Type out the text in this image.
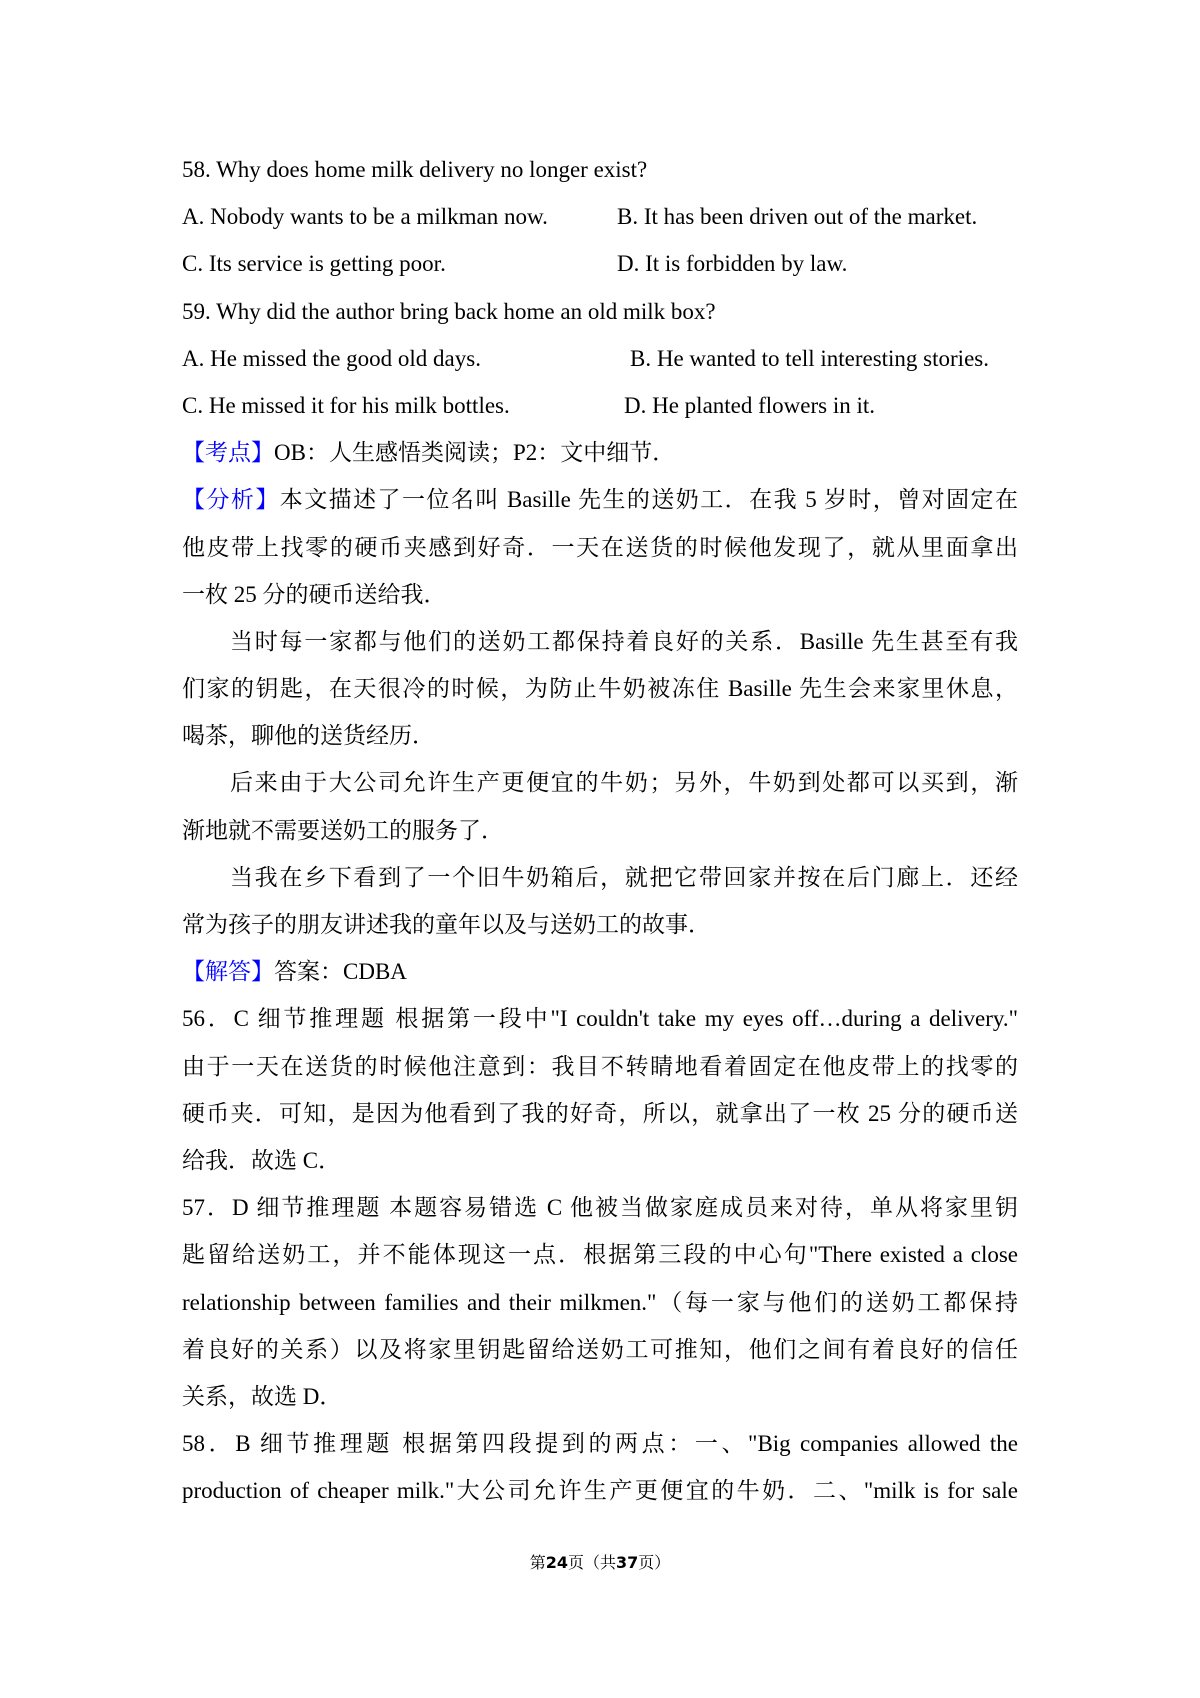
58. Why does home milk delivery no longer exist?
A. Nobody wants to be a milkman now.	B. It has been driven out of the market.
C. Its service is getting poor.	D. It is forbidden by law.
59. Why did the author bring back home an old milk box?
A. He missed the good old days.	B. He wanted to tell interesting stories.
C. He missed it for his milk bottles.	D. He planted flowers in it.
【考点】OB：人生感悟类阅读；P2：文中细节．
【分析】本文描述了一位名叫 Basille 先生的送奶工．在我 5 岁时，曾对固定在
他皮带上找零的硬币夹感到好奇．一天在送货的时候他发现了，就从里面拿出
一枚 25 分的硬币送给我．
当时每一家都与他们的送奶工都保持着良好的关系．Basille 先生甚至有我
们家的钥匙，在天很冷的时候，为防止牛奶被冻住 Basille 先生会来家里休息，
喝茶，聊他的送货经历．
后来由于大公司允许生产更便宜的牛奶；另外，牛奶到处都可以买到，渐
渐地就不需要送奶工的服务了．
当我在乡下看到了一个旧牛奶箱后，就把它带回家并按在后门廊上．还经
常为孩子的朋友讲述我的童年以及与送奶工的故事．
【解答】答案：CDBA
56．C 细节推理题 根据第一段中"I couldn't take my eyes off…during a delivery."
由于一天在送货的时候他注意到：我目不转睛地看着固定在他皮带上的找零的
硬币夹．可知，是因为他看到了我的好奇，所以，就拿出了一枚 25 分的硬币送
给我．故选 C．
57．D 细节推理题 本题容易错选 C 他被当做家庭成员来对待，单从将家里钥
匙留给送奶工，并不能体现这一点．根据第三段的中心句"There existed a close
relationship between families and their milkmen."（每一家与他们的送奶工都保持
着良好的关系）以及将家里钥匙留给送奶工可推知，他们之间有着良好的信任
关系，故选 D．
58．B 细节推理题 根据第四段提到的两点：一、"Big companies allowed the
production of cheaper milk."大公司允许生产更便宜的牛奶．二、"milk is for sale
第24页（共37页）
